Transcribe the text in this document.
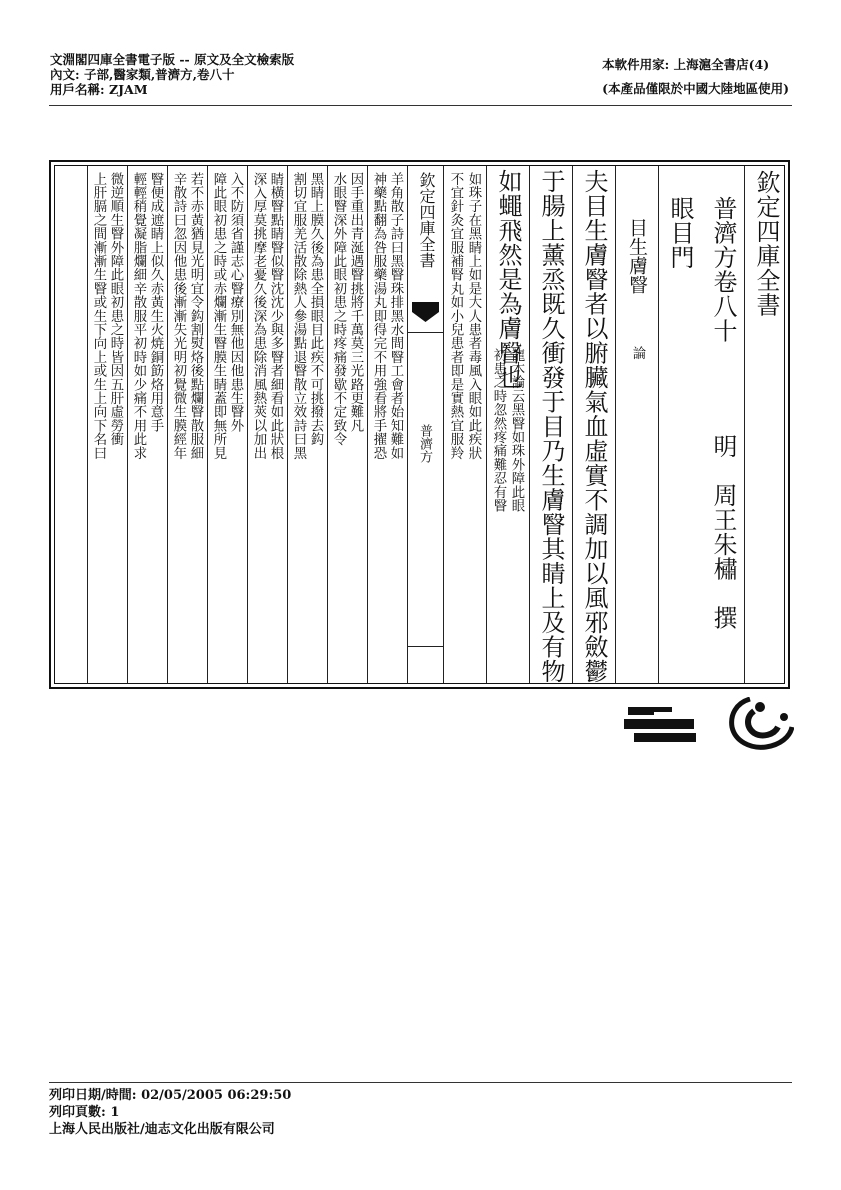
文淵閣四庫全書電子版 -- 原文及全文檢索版
內文: 子部,醫家類,普濟方,卷八十
用戶名稱: ZJAM
本軟件用家: 上海滬全書店(4)
(本產品僅限於中國大陸地區使用)
欽定四庫全書
普濟方卷八十
明　周王朱橚　撰
眼目門
目生膚瞖
論
夫目生膚瞖者以腑臟氣血虛實不調加以風邪斂鬱
于腸上薰烝既久衝發于目乃生膚瞖其睛上及有物
如蠅飛然是為膚瞖也
龍木論云黑瞖如珠外障此眼
初患之時忽然疼痛難忍有瞖
如珠子在黑睛上如是大人患者毒風入眼如此疾狀
不宜針灸宜服補腎丸如小兒患者即是實熱宜服羚
欽定四庫全書
普濟方
羊角散子詩曰黑瞖珠排黑水間瞖工會者始知難如
神藥點翻為咎服藥湯丸即得完不用強看將手擢恐
因手重出青涎遇瞖挑將千萬莫三光路更難凡
水眼瞖深外障此眼初患之時疼痛發歇不定致令
黑睛上膜久後為患全損眼目此疾不可挑撥去鈎
割切宜服羌活散除熱人參湯點退瞖散立效詩曰黑
睛橫瞖點睛瞖似瞖沈沈少與多瞖者細看如此狀根
深入厚莫挑摩老憂久後深為患除消風熱莢以加出
入不防須省謹志心瞖療別無他因他患生瞖外
障此眼初患之時或赤爛漸生瞖膜生睛蓋即無所見
若不赤黃猶見光明宜令鈎割熨烙後點爛瞖散服細
辛散詩曰忽因他患後漸漸失光明初覺微生膜經年
瞖便成遮睛上似久赤黃生火焼銅筯烙用意手
輕輕稍覺凝脂爛細辛散服平初時如少痛不用此求
微逆順生瞖外障此眼初患之時皆因五肝虛勞衝
上肝膈之間漸漸生瞖或生下向上或生上向下名曰
列印日期/時間: 02/05/2005 06:29:50
列印頁數: 1
上海人民出版社/迪志文化出版有限公司
